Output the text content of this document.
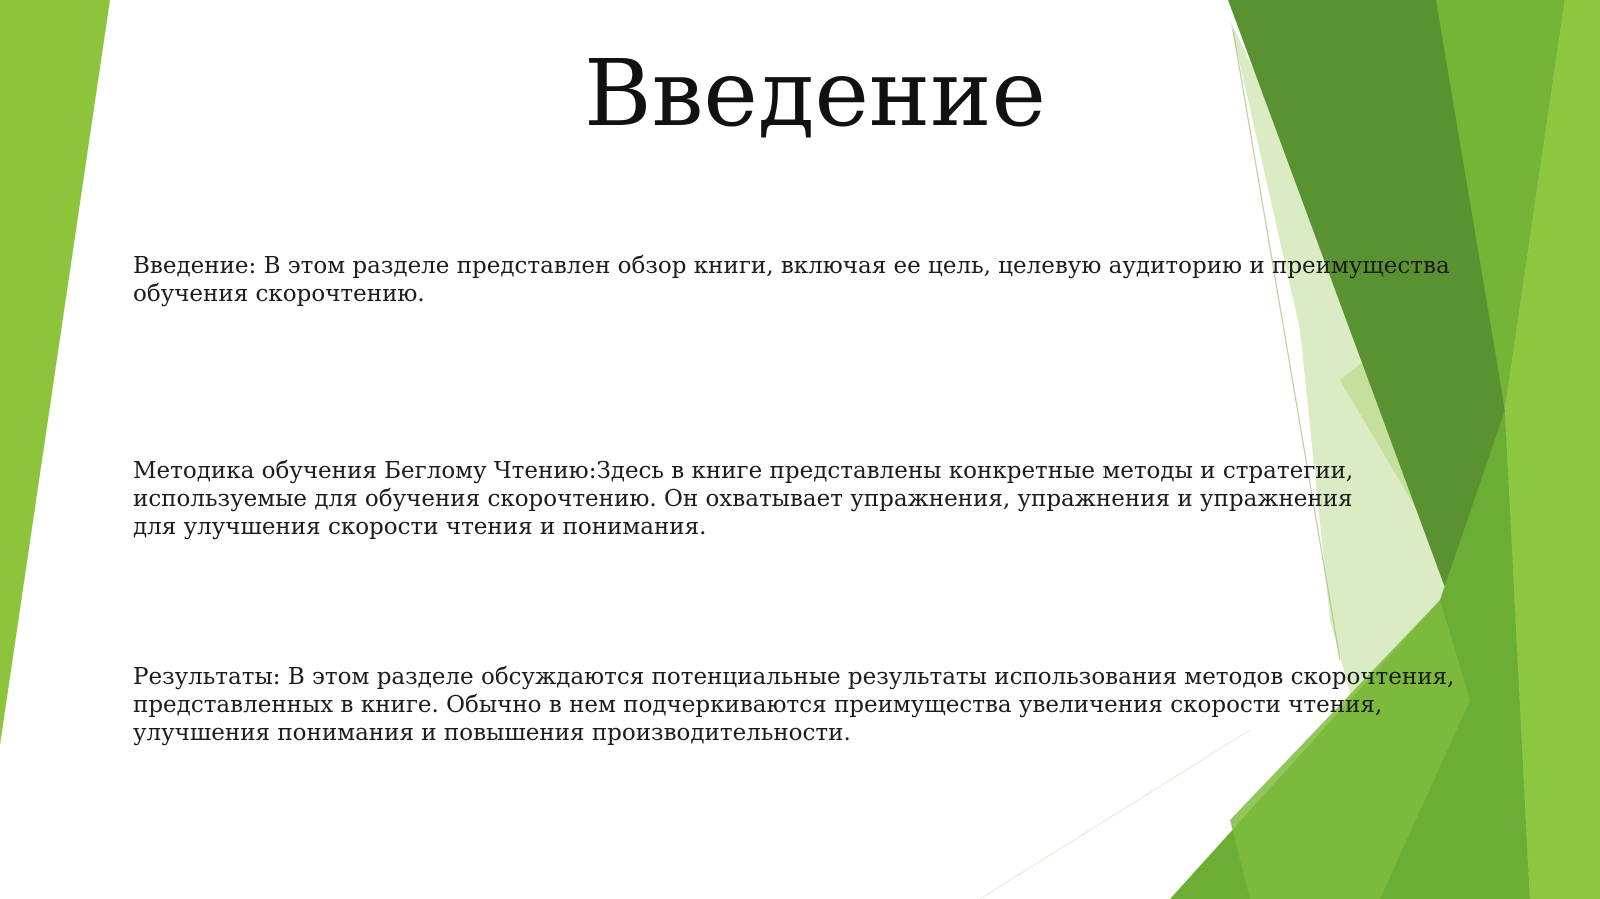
Введение

Введение: В этом разделе представлен обзор книги, включая ее цель, целевую аудиторию и преимущества обучения скорочтению.

Методика обучения Беглому Чтению:Здесь в книге представлены конкретные методы и стратегии, используемые для обучения скорочтению. Он охватывает упражнения, упражнения и упражнения для улучшения скорости чтения и понимания.

Результаты: В этом разделе обсуждаются потенциальные результаты использования методов скорочтения, представленных в книге. Обычно в нем подчеркиваются преимущества увеличения скорости чтения, улучшения понимания и повышения производительности.
